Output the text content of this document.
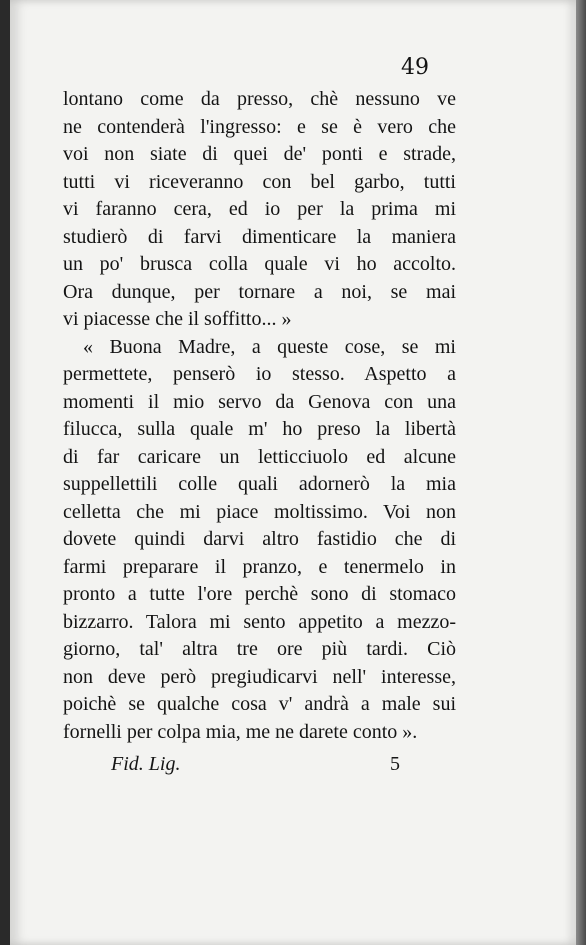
49
lontano come da presso, chè nessuno ve
ne contenderà l'ingresso: e se è vero che
voi non siate di quei de' ponti e strade,
tutti vi riceveranno con bel garbo, tutti
vi faranno cera, ed io per la prima mi
studierò di farvi dimenticare la maniera
un po' brusca colla quale vi ho accolto.
Ora dunque, per tornare a noi, se mai
vi piacesse che il soffitto... »
« Buona Madre, a queste cose, se mi
permettete, penserò io stesso. Aspetto a
momenti il mio servo da Genova con una
filucca, sulla quale m' ho preso la libertà
di far caricare un letticciuolo ed alcune
suppellettili colle quali adornerò la mia
celletta che mi piace moltissimo. Voi non
dovete quindi darvi altro fastidio che di
farmi preparare il pranzo, e tenermelo in
pronto a tutte l'ore perchè sono di stomaco
bizzarro. Talora mi sento appetito a mezzo-
giorno, tal' altra tre ore più tardi. Ciò
non deve però pregiudicarvi nell' interesse,
poichè se qualche cosa v' andrà a male sui
fornelli per colpa mia, me ne darete conto ».
Fid. Lig.	5
